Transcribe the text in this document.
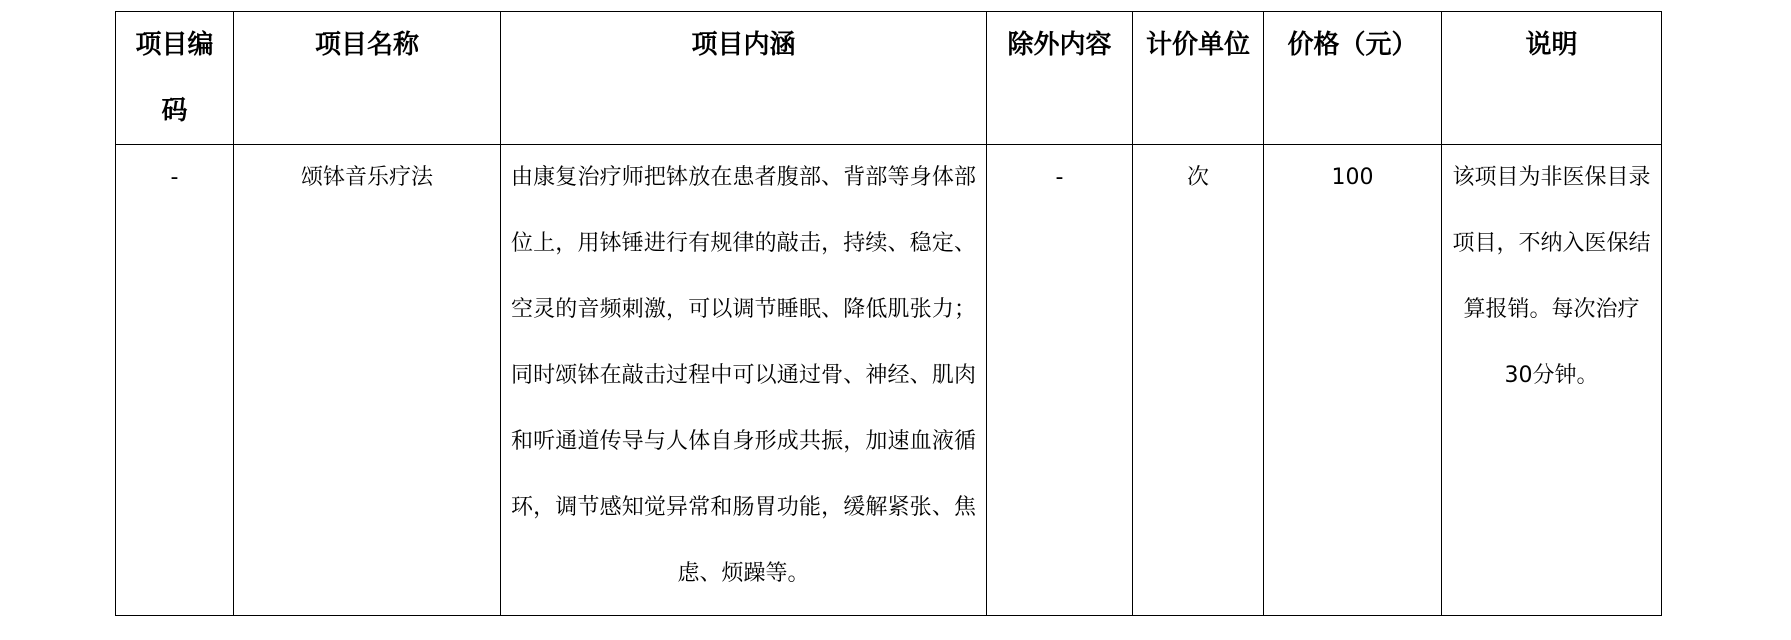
项目编码	项目名称	项目内涵	除外内容	计价单位	价格（元）	说明

-	颂钵音乐疗法	由康复治疗师把钵放在患者腹部、背部等身体部位上，用钵锤进行有规律的敲击，持续、稳定、空灵的音频刺激，可以调节睡眠、降低肌张力；同时颂钵在敲击过程中可以通过骨、神经、肌肉和听通道传导与人体自身形成共振，加速血液循环，调节感知觉异常和肠胃功能，缓解紧张、焦虑、烦躁等。	-	次	100	该项目为非医保目录项目，不纳入医保结算报销。每次治疗30分钟。
